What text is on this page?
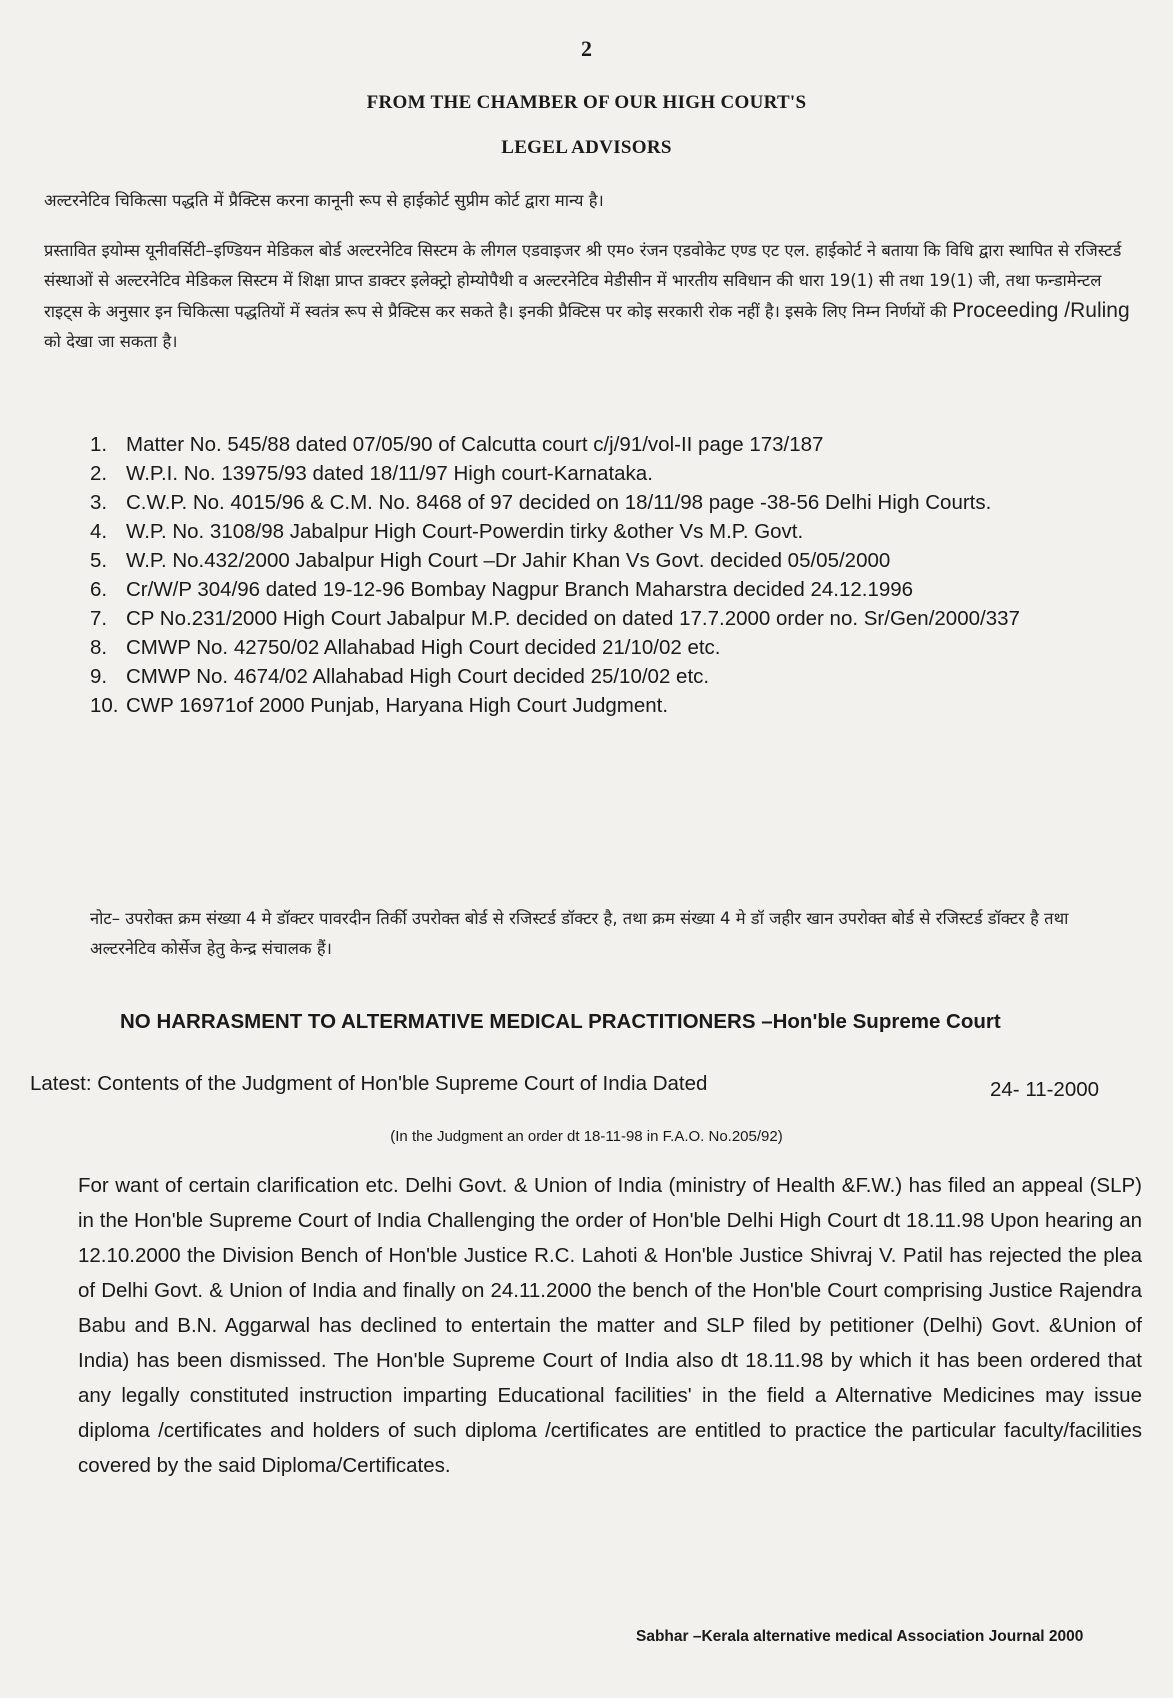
2
FROM THE CHAMBER OF OUR HIGH COURT'S
LEGEL ADVISORS
अल्टरनेटिव चिकित्सा पद्धति में प्रैक्टिस करना कानूनी रूप से हाईकोर्ट सुप्रीम कोर्ट द्वारा मान्य है।
प्रस्तावित इयोम्स यूनीवर्सिटी–इण्डियन मेडिकल बोर्ड अल्टरनेटिव सिस्टम के लीगल एडवाइजर श्री एम० रंजन एडवोकेट एण्ड एट एल. हाईकोर्ट ने बताया कि विधि द्वारा स्थापित से रजिस्टर्ड संस्थाओं से अल्टरनेटिव मेडिकल सिस्टम में शिक्षा प्राप्त डाक्टर इलेक्ट्रो होम्योपैथी व अल्टरनेटिव मेडीसीन में भारतीय सविधान की धारा 19(1) सी तथा 19(1) जी, तथा फन्डामेन्टल राइट्स के अनुसार इन चिकित्सा पद्धतियों में स्वतंत्र रूप से प्रैक्टिस कर सकते है। इनकी प्रैक्टिस पर कोइ सरकारी रोक नहीं है। इसके लिए निम्न निर्णयों की Proceeding /Ruling को देखा जा सकता है।
1. Matter No. 545/88 dated 07/05/90 of Calcutta court c/j/91/vol-II page 173/187
2. W.P.I. No. 13975/93 dated 18/11/97 High court-Karnataka.
3. C.W.P. No. 4015/96 & C.M. No. 8468 of 97 decided on 18/11/98 page -38-56 Delhi High Courts.
4. W.P. No. 3108/98 Jabalpur High Court-Powerdin tirky &other Vs M.P. Govt.
5. W.P. No.432/2000 Jabalpur High Court –Dr Jahir Khan Vs Govt. decided 05/05/2000
6. Cr/W/P 304/96 dated 19-12-96 Bombay Nagpur Branch Maharstra decided 24.12.1996
7. CP No.231/2000 High Court Jabalpur M.P. decided on dated 17.7.2000 order no. Sr/Gen/2000/337
8. CMWP No. 42750/02 Allahabad High Court decided 21/10/02 etc.
9. CMWP No. 4674/02 Allahabad High Court decided 25/10/02 etc.
10. CWP 16971of 2000 Punjab, Haryana High Court Judgment.
नोट– उपरोक्त क्रम संख्या 4 मे डॉक्टर पावरदीन तिर्की उपरोक्त बोर्ड से रजिस्टर्ड डॉक्टर है, तथा क्रम संख्या 4 मे डॉ जहीर खान उपरोक्त बोर्ड से रजिस्टर्ड डॉक्टर है तथा अल्टरनेटिव कोर्सेज हेतु केन्द्र संचालक हैं।
NO HARRASMENT TO ALTERMATIVE MEDICAL PRACTITIONERS –Hon'ble Supreme Court
Latest: Contents of the Judgment of Hon'ble Supreme Court of India Dated	24- 11-2000
(In the Judgment an order dt 18-11-98 in F.A.O. No.205/92)
For want of certain clarification etc. Delhi Govt. & Union of India (ministry of Health &F.W.) has filed an appeal (SLP) in the Hon'ble Supreme Court of India Challenging the order of Hon'ble Delhi High Court dt 18.11.98 Upon hearing an 12.10.2000 the Division Bench of Hon'ble Justice R.C. Lahoti & Hon'ble Justice Shivraj V. Patil has rejected the plea of Delhi Govt. & Union of India and finally on 24.11.2000 the bench of the Hon'ble Court comprising Justice Rajendra Babu and B.N. Aggarwal has declined to entertain the matter and SLP filed by petitioner (Delhi) Govt. &Union of India) has been dismissed. The Hon'ble Supreme Court of India also dt 18.11.98 by which it has been ordered that any legally constituted instruction imparting Educational facilities' in the field a Alternative Medicines may issue diploma /certificates and holders of such diploma /certificates are entitled to practice the particular faculty/facilities covered by the said Diploma/Certificates.
Sabhar –Kerala alternative medical Association Journal 2000
